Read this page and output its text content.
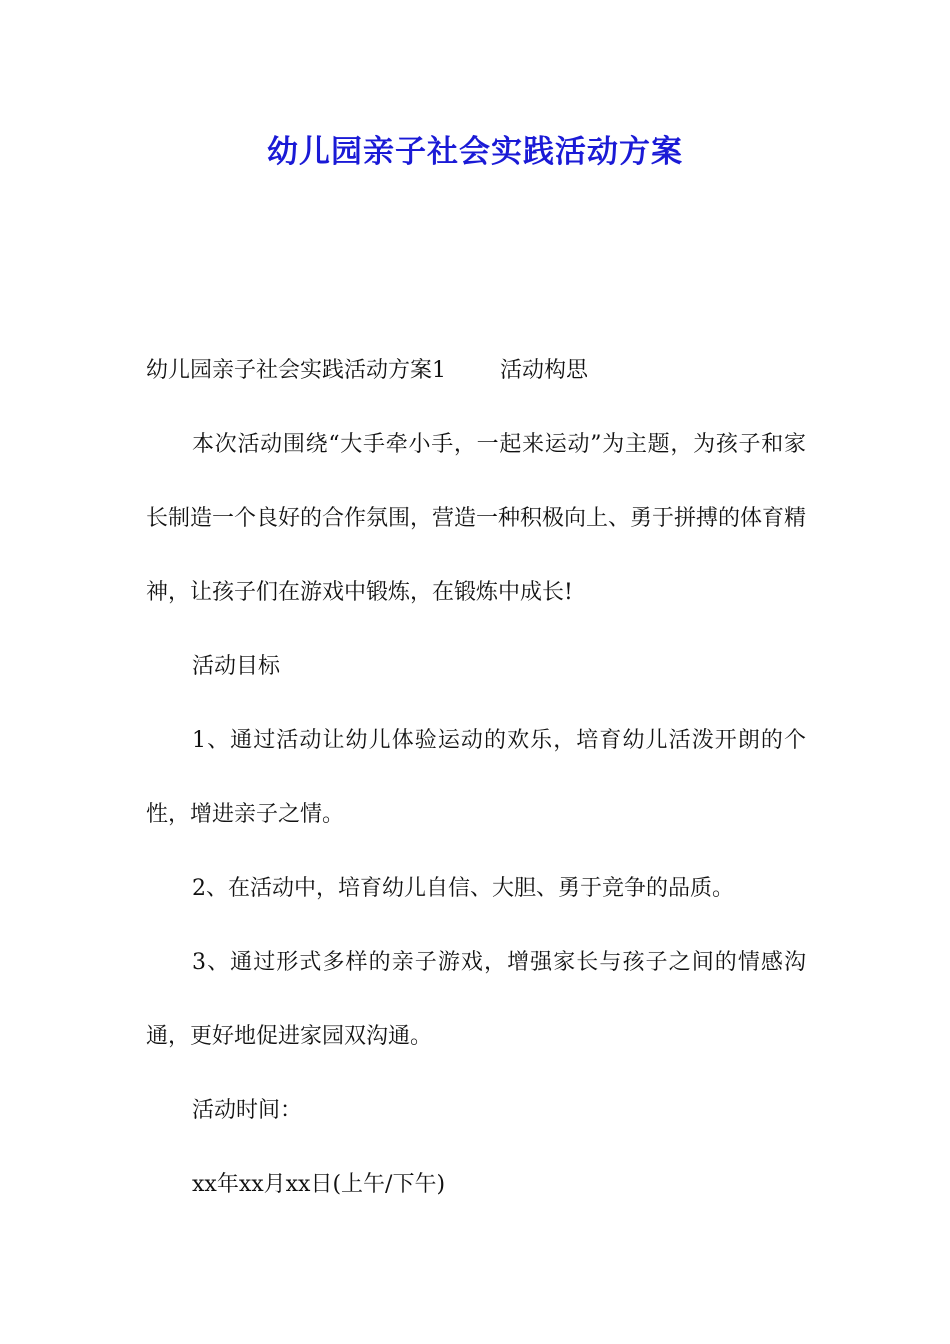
幼儿园亲子社会实践活动方案

幼儿园亲子社会实践活动方案1 活动构思

本次活动围绕“大手牵小手，一起来运动”为主题，为孩子和家长制造一个良好的合作氛围，营造一种积极向上、勇于拼搏的体育精神，让孩子们在游戏中锻炼，在锻炼中成长!

活动目标

1、通过活动让幼儿体验运动的欢乐，培育幼儿活泼开朗的个性，增进亲子之情。

2、在活动中，培育幼儿自信、大胆、勇于竞争的品质。

3、通过形式多样的亲子游戏，增强家长与孩子之间的情感沟通，更好地促进家园双沟通。

活动时间：

xx年xx月xx日(上午/下午)
